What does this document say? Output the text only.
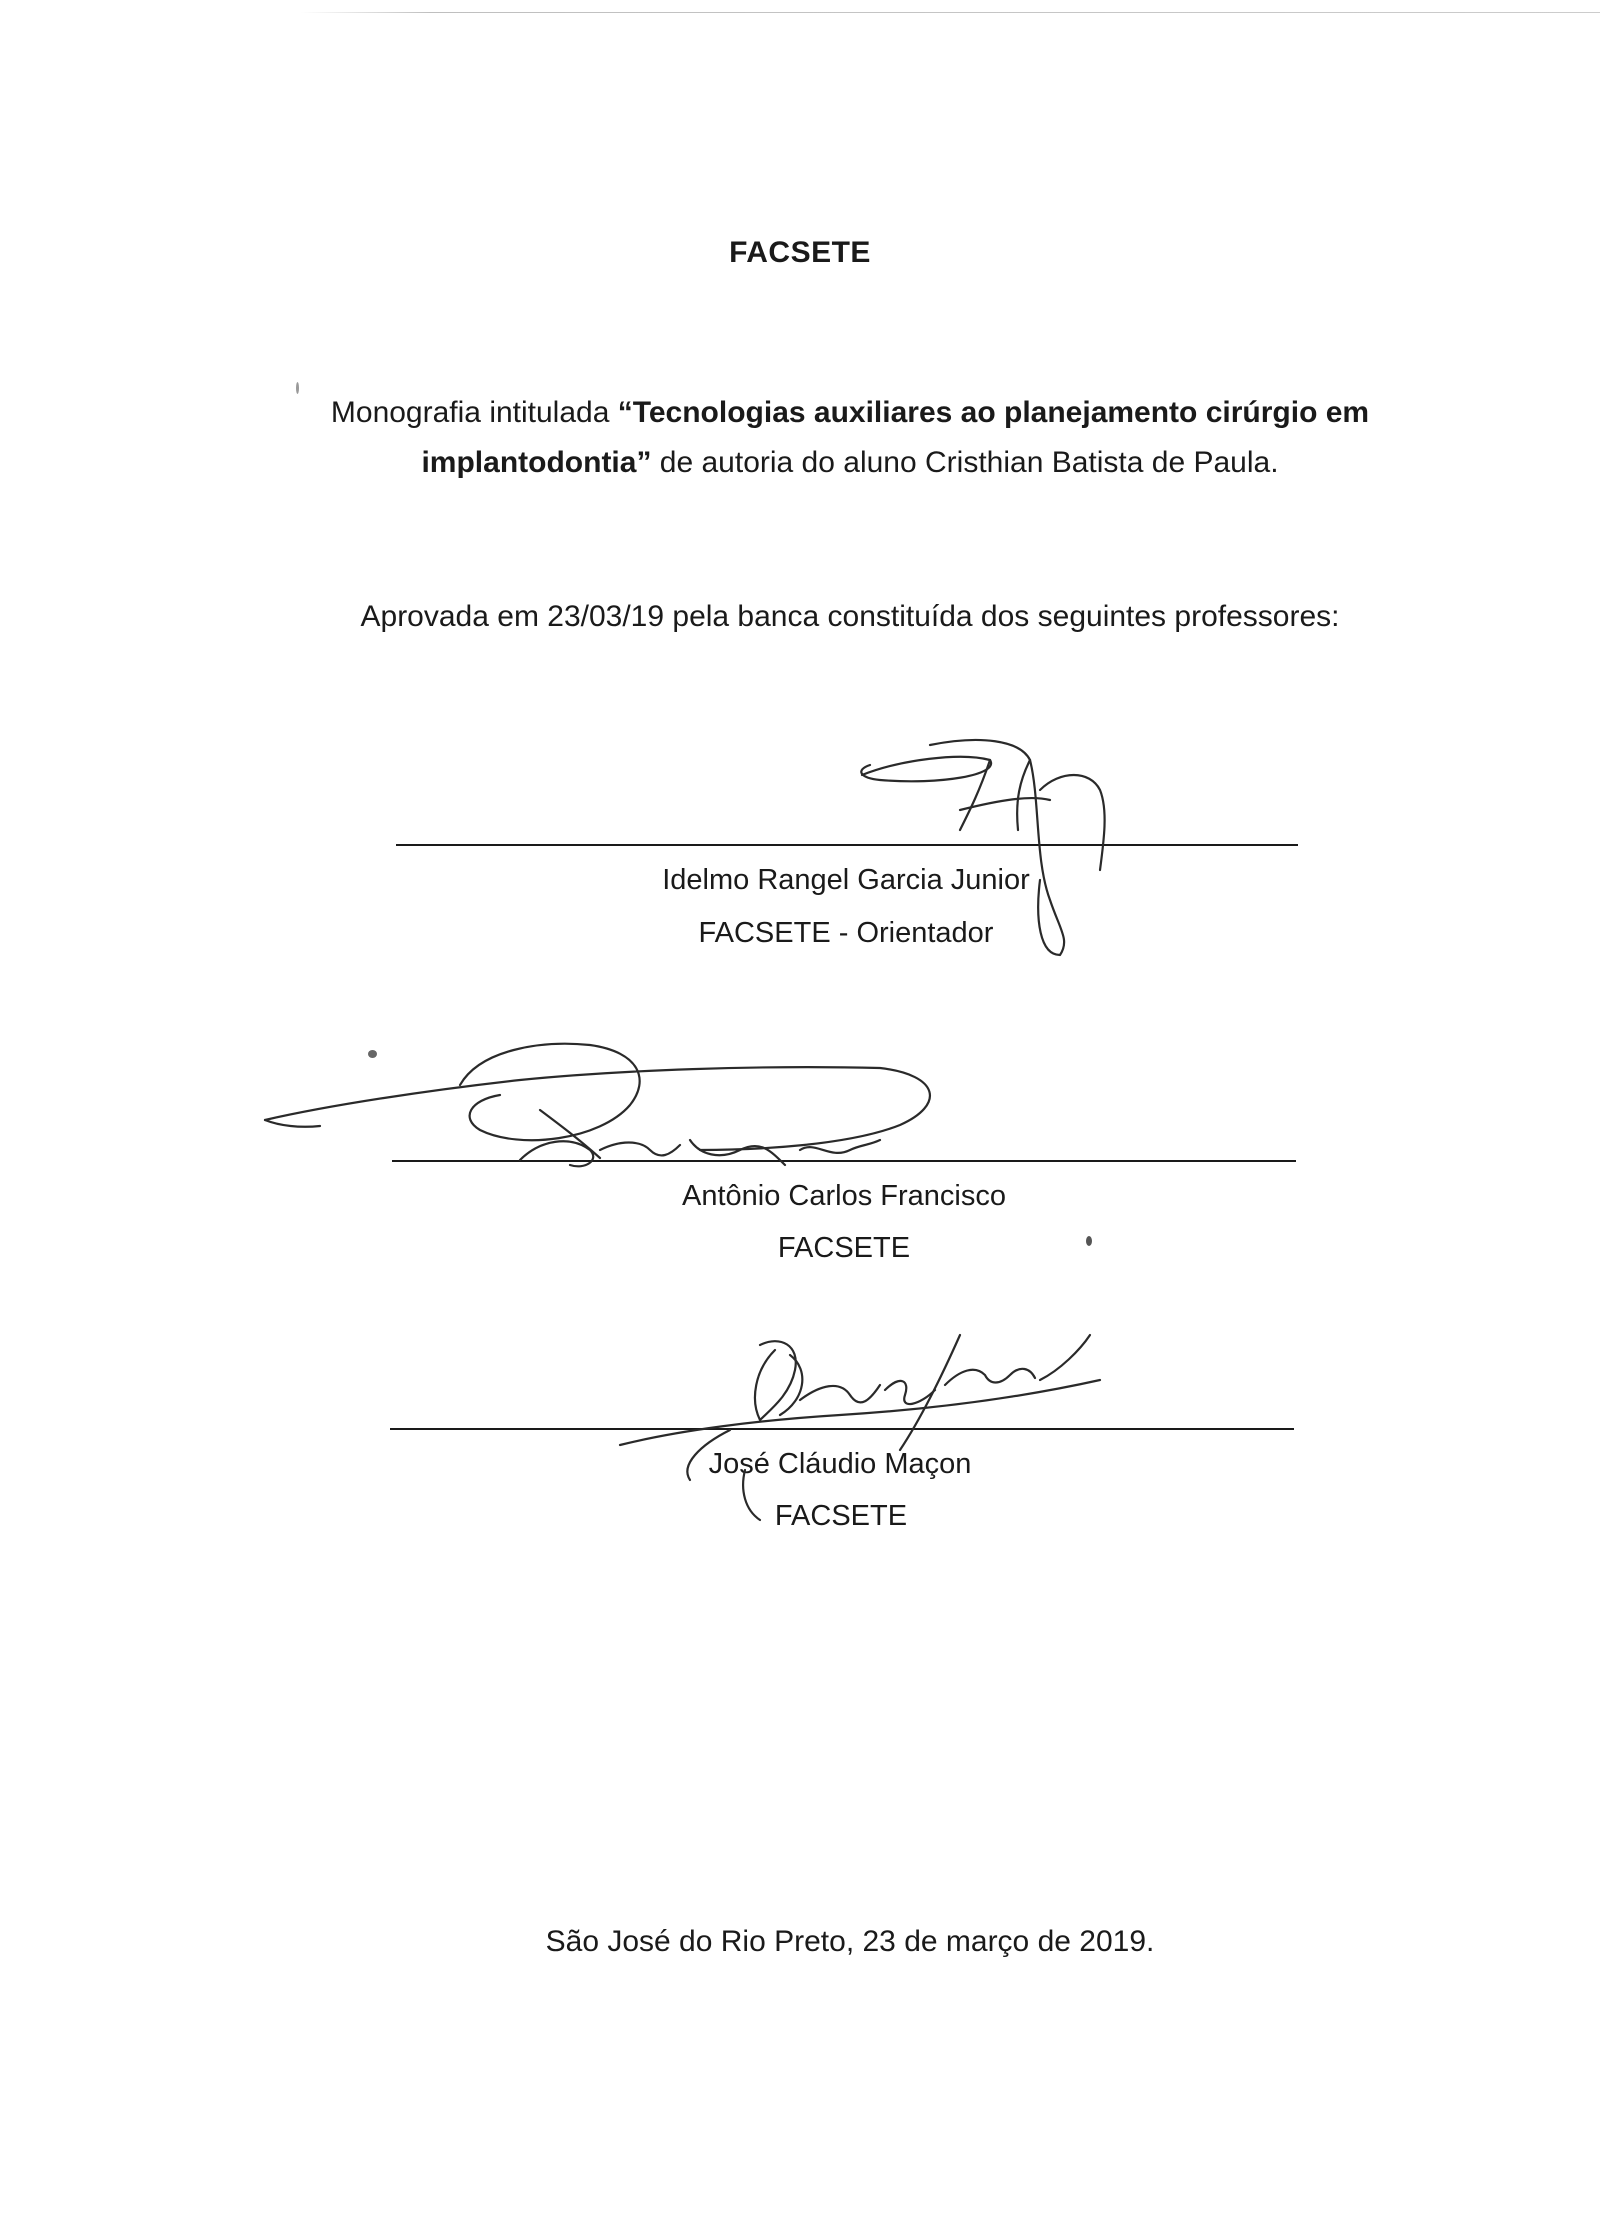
FACSETE
Monografia intitulada “Tecnologias auxiliares ao planejamento cirúrgio em implantodontia” de autoria do aluno Cristhian Batista de Paula.
Aprovada em 23/03/19 pela banca constituída dos seguintes professores:
Idelmo Rangel Garcia Junior
FACSETE - Orientador
Antônio Carlos Francisco
FACSETE
José Cláudio Maçon
FACSETE
São José do Rio Preto, 23 de março de 2019.
